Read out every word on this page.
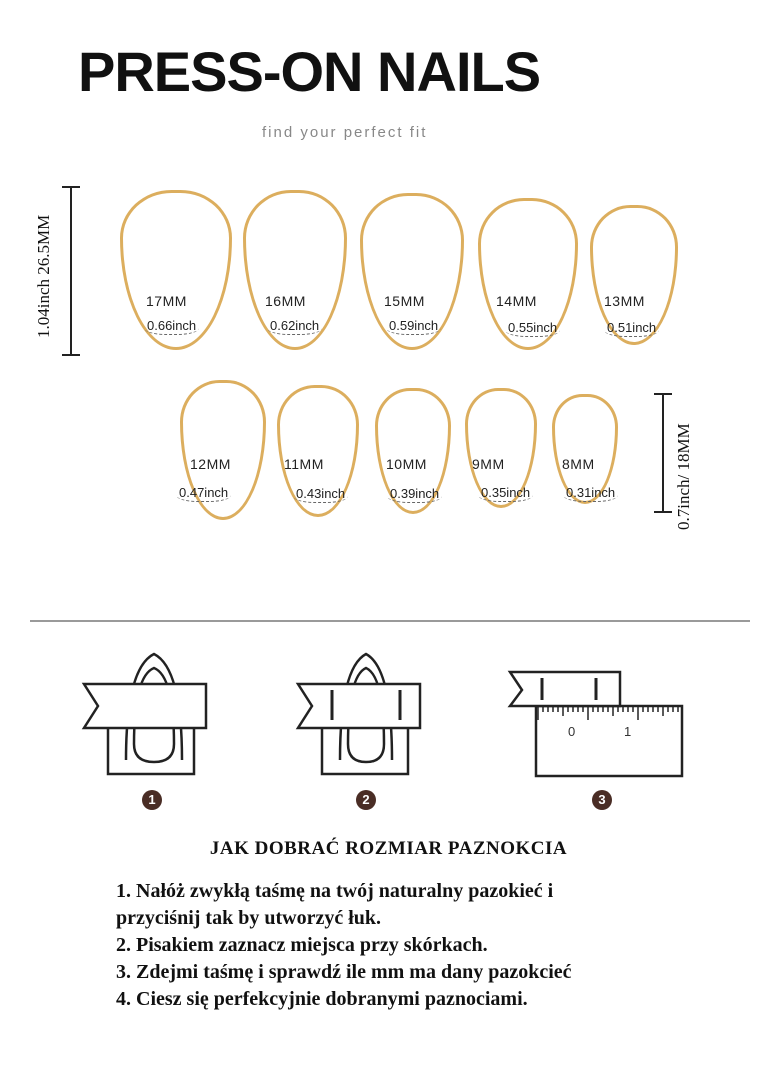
PRESS-ON NAILS
find your perfect fit
1.04inch 26.5MM
0.7inch/ 18MM
17MM
0.66inch
16MM
0.62inch
15MM
0.59inch
14MM
0.55inch
13MM
0.51inch
12MM
0.47inch
11MM
0.43inch
10MM
0.39inch
9MM
0.35inch
8MM
0.31inch
0	1
1	2	3
JAK DOBRAĆ ROZMIAR PAZNOKCIA
1. Nałóż zwykłą taśmę na twój naturalny pazokieć i
przyciśnij tak by utworzyć łuk.
2. Pisakiem zaznacz miejsca przy skórkach.
3. Zdejmi taśmę i sprawdź ile mm ma dany pazokcieć
4. Ciesz się perfekcyjnie dobranymi paznociami.
